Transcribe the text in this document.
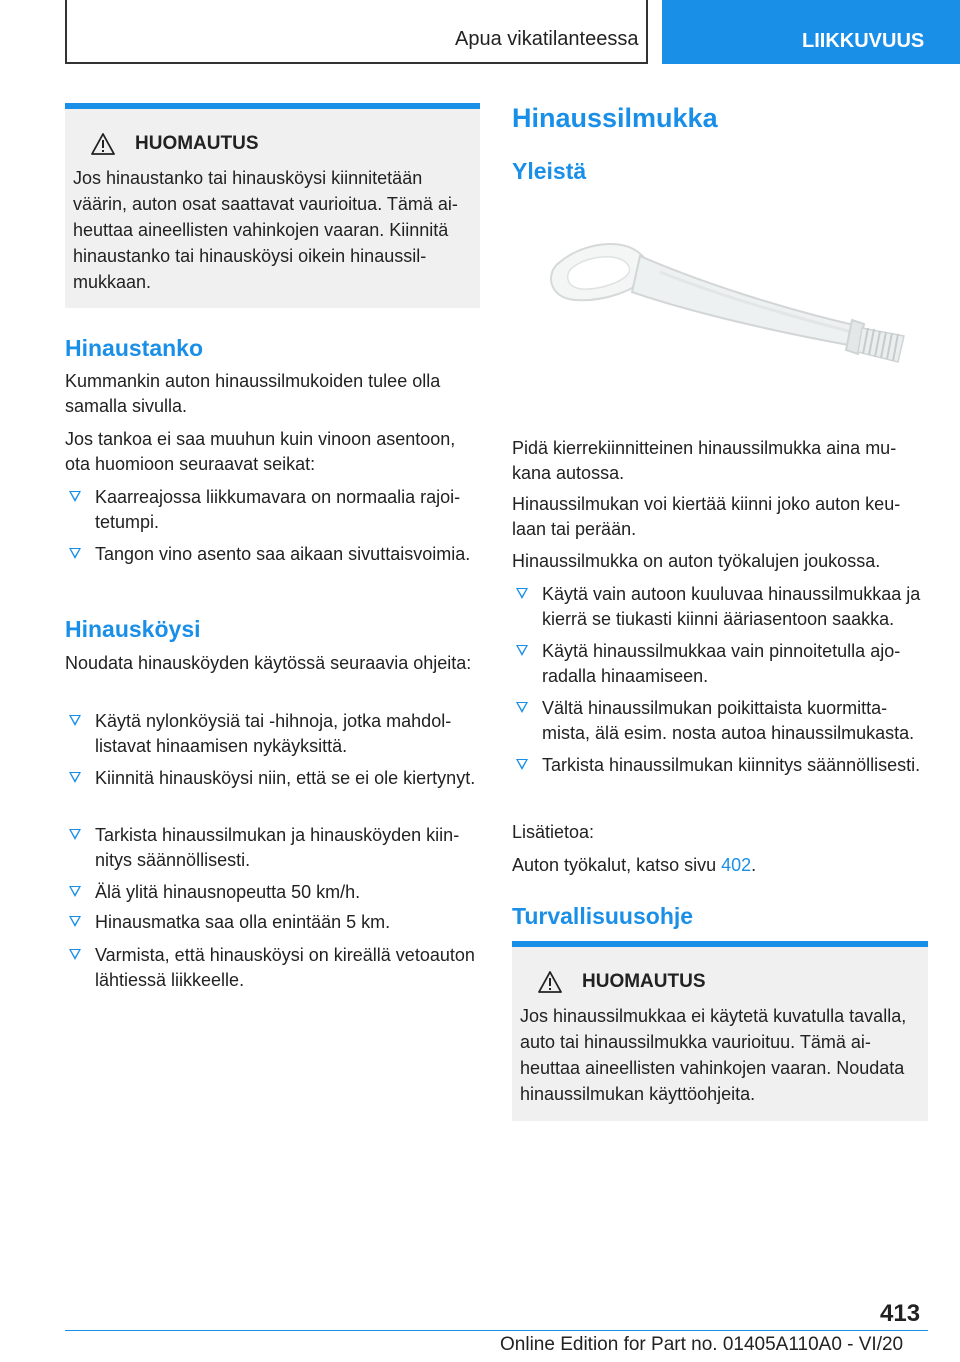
Apua vikatilanteessa	LIIKKUVUUS
HUOMAUTUS
Jos hinaustanko tai hinausköysi kiinnitetään väärin, auton osat saattavat vaurioitua. Tämä aiheuttaa aineellisten vahinkojen vaaran. Kiinnitä hinaustanko tai hinausköysi oikein hinaussilmukkaan.
Hinaustanko
Kummankin auton hinaussilmukoiden tulee olla samalla sivulla.
Jos tankoa ei saa muuhun kuin vinoon asentoon, ota huomioon seuraavat seikat:
Kaarreajossa liikkumavara on normaalia rajoitetumpi.
Tangon vino asento saa aikaan sivuttaisvoimia.
Hinausköysi
Noudata hinausköyden käytössä seuraavia ohjeita:
Käytä nylonköysiä tai -hihnoja, jotka mahdollistavat hinaamisen nykäyksittä.
Kiinnitä hinausköysi niin, että se ei ole kiertynyt.
Tarkista hinaussilmukan ja hinausköyden kiinnitys säännöllisesti.
Älä ylitä hinausnopeutta 50 km/h.
Hinausmatka saa olla enintään 5 km.
Varmista, että hinausköysi on kireällä vetoauton lähtiessä liikkeelle.
Hinaussilmukka
Yleistä
Pidä kierrekiinnitteinen hinaussilmukka aina mukana autossa.
Hinaussilmukan voi kiertää kiinni joko auton keulaan tai perään.
Hinaussilmukka on auton työkalujen joukossa.
Käytä vain autoon kuuluvaa hinaussilmukkaa ja kierrä se tiukasti kiinni ääriasentoon saakka.
Käytä hinaussilmukkaa vain pinnoitetulla ajoradalla hinaamiseen.
Vältä hinaussilmukan poikittaista kuormittamista, älä esim. nosta autoa hinaussilmukasta.
Tarkista hinaussilmukan kiinnitys säännöllisesti.
Lisätietoa:
Auton työkalut, katso sivu 402.
Turvallisuusohje
HUOMAUTUS
Jos hinaussilmukkaa ei käytetä kuvatulla tavalla, auto tai hinaussilmukka vaurioituu. Tämä aiheuttaa aineellisten vahinkojen vaaran. Noudata hinaussilmukan käyttöohjeita.
413
Online Edition for Part no. 01405A110A0 - VI/20
